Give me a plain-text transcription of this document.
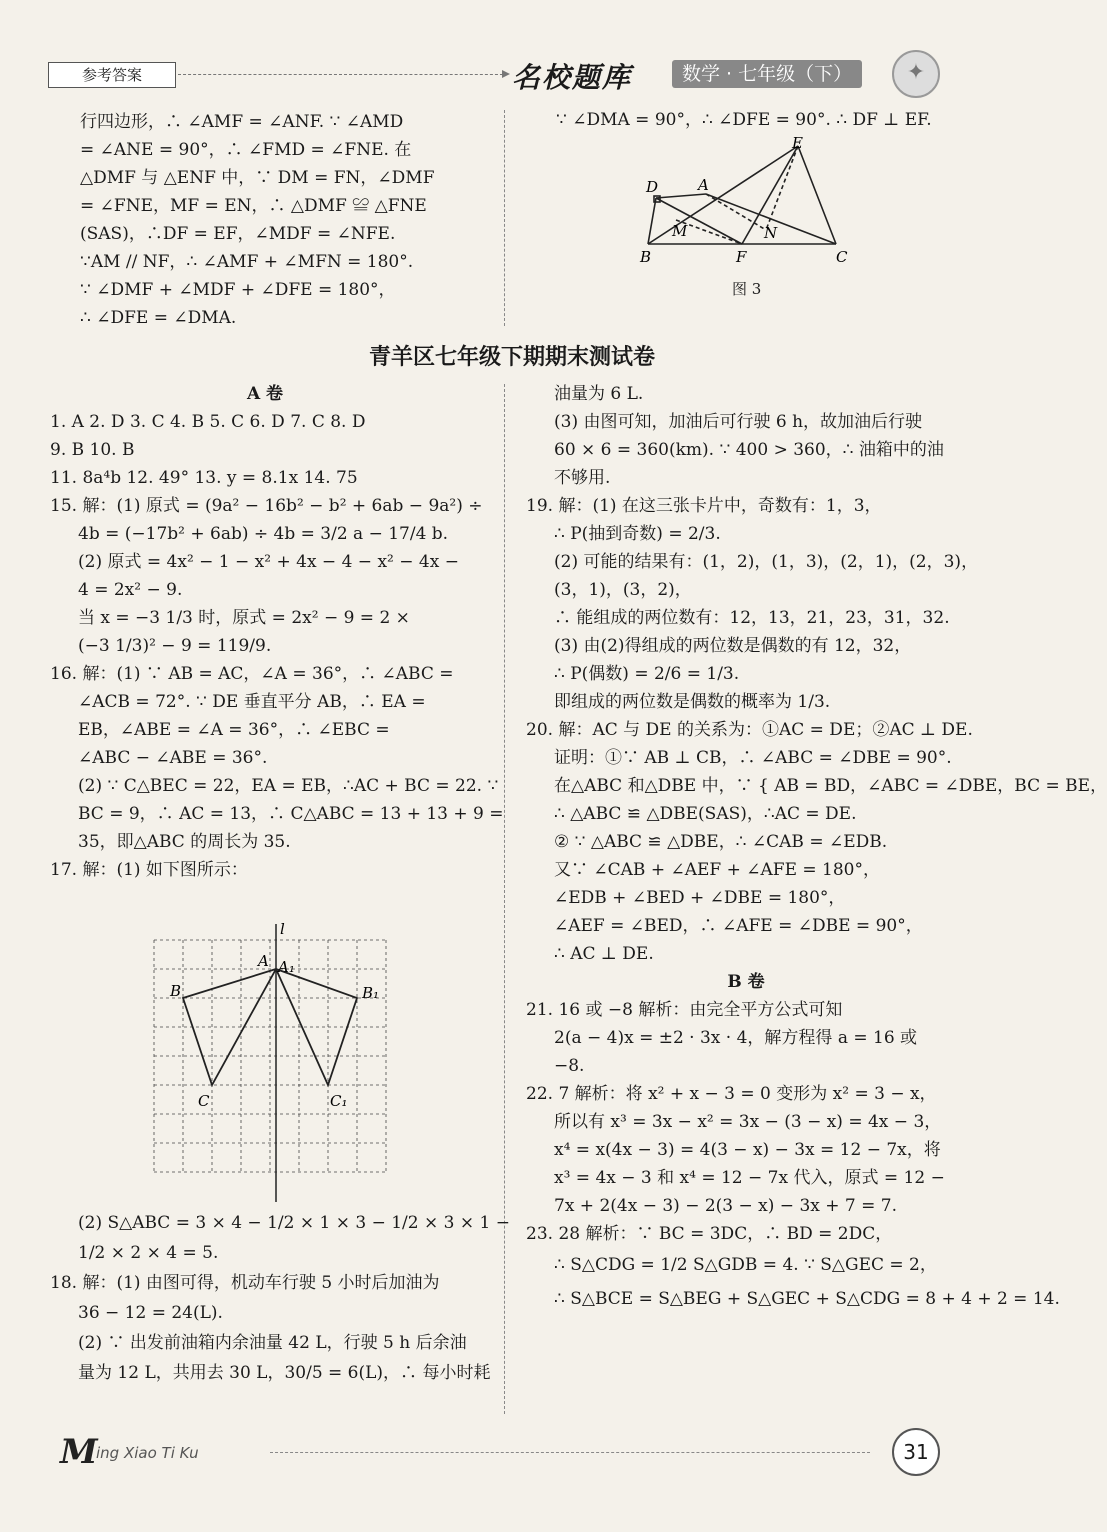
参考答案	名校题库	数学 · 七年级（下）	✦
行四边形，∴ ∠AMF = ∠ANF. ∵ ∠AMD
= ∠ANE = 90°，∴ ∠FMD = ∠FNE. 在
△DMF 与 △ENF 中，∵ DM = FN，∠DMF
= ∠FNE，MF = EN，∴ △DMF ≌ △FNE
(SAS)，∴DF = EF，∠MDF = ∠NFE.
∵AM // NF，∴ ∠AMF + ∠MFN = 180°.
∵ ∠DMF + ∠MDF + ∠DFE = 180°，
∴ ∠DFE = ∠DMA.
∵ ∠DMA = 90°，∴ ∠DFE = 90°. ∴ DF ⊥ EF.
D	A
E
M	N
B	F	C
图 3
青羊区七年级下期期末测试卷
A 卷
1. A 2. D 3. C 4. B 5. C 6. D 7. C 8. D
9. B 10. B
11. 8a⁴b 12. 49° 13. y = 8.1x 14. 75
15. 解：(1) 原式 = (9a² − 16b² − b² + 6ab − 9a²) ÷
4b = (−17b² + 6ab) ÷ 4b = 3/2 a − 17/4 b.
(2) 原式 = 4x² − 1 − x² + 4x − 4 − x² − 4x −
4 = 2x² − 9.
当 x = −3 1/3 时，原式 = 2x² − 9 = 2 ×
(−3 1/3)² − 9 = 119/9.
16. 解：(1) ∵ AB = AC，∠A = 36°，∴ ∠ABC =
∠ACB = 72°. ∵ DE 垂直平分 AB，∴ EA =
EB，∠ABE = ∠A = 36°，∴ ∠EBC =
∠ABC − ∠ABE = 36°.
(2) ∵ C△BEC = 22，EA = EB，∴AC + BC = 22. ∵
BC = 9，∴ AC = 13，∴ C△ABC = 13 + 13 + 9 =
35，即△ABC 的周长为 35.
17. 解：(1) 如下图所示：
l
A A₁
B	B₁
C	C₁
(2) S△ABC = 3 × 4 − 1/2 × 1 × 3 − 1/2 × 3 × 1 −
1/2 × 2 × 4 = 5.
18. 解：(1) 由图可得，机动车行驶 5 小时后加油为
36 − 12 = 24(L).
(2) ∵ 出发前油箱内余油量 42 L，行驶 5 h 后余油
量为 12 L，共用去 30 L，30/5 = 6(L)，∴ 每小时耗
油量为 6 L.
(3) 由图可知，加油后可行驶 6 h，故加油后行驶
60 × 6 = 360(km). ∵ 400 > 360，∴ 油箱中的油
不够用.
19. 解：(1) 在这三张卡片中，奇数有：1，3，
∴ P(抽到奇数) = 2/3.
(2) 可能的结果有：(1，2)，(1，3)，(2，1)，(2，3)，
(3，1)，(3，2)，
∴ 能组成的两位数有：12，13，21，23，31，32.
(3) 由(2)得组成的两位数是偶数的有 12，32，
∴ P(偶数) = 2/6 = 1/3.
即组成的两位数是偶数的概率为 1/3.
20. 解：AC 与 DE 的关系为：①AC = DE；②AC ⊥ DE.
证明：①∵ AB ⊥ CB，∴ ∠ABC = ∠DBE = 90°.
在△ABC 和△DBE 中，∵ { AB = BD，∠ABC = ∠DBE，BC = BE，
∴ △ABC ≌ △DBE(SAS)，∴AC = DE.
② ∵ △ABC ≌ △DBE，∴ ∠CAB = ∠EDB.
又∵ ∠CAB + ∠AEF + ∠AFE = 180°，
∠EDB + ∠BED + ∠DBE = 180°，
∠AEF = ∠BED，∴ ∠AFE = ∠DBE = 90°，
∴ AC ⊥ DE.
B 卷
21. 16 或 −8 解析：由完全平方公式可知
2(a − 4)x = ±2 · 3x · 4，解方程得 a = 16 或
−8.
22. 7 解析：将 x² + x − 3 = 0 变形为 x² = 3 − x，
所以有 x³ = 3x − x² = 3x − (3 − x) = 4x − 3，
x⁴ = x(4x − 3) = 4(3 − x) − 3x = 12 − 7x，将
x³ = 4x − 3 和 x⁴ = 12 − 7x 代入，原式 = 12 −
7x + 2(4x − 3) − 2(3 − x) − 3x + 7 = 7.
23. 28 解析：∵ BC = 3DC，∴ BD = 2DC，
∴ S△CDG = 1/2 S△GDB = 4. ∵ S△GEC = 2，
∴ S△BCE = S△BEG + S△GEC + S△CDG = 8 + 4 + 2 = 14.
M
ing Xiao Ti Ku	31
